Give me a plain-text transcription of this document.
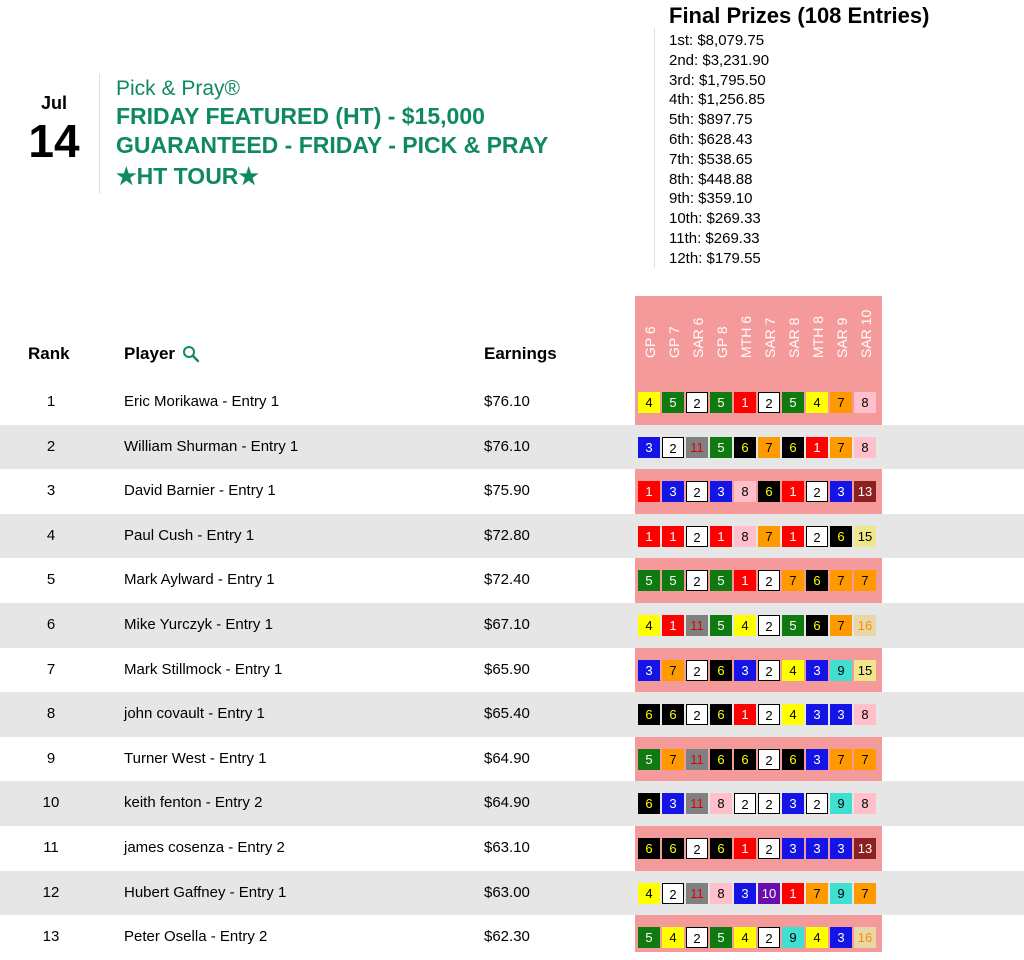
Jul
14
Pick & Pray®
FRIDAY FEATURED (HT) - $15,000
GUARANTEED - FRIDAY - PICK & PRAY
★HT TOUR★
Final Prizes (108 Entries)
1st: $8,079.75
2nd: $3,231.90
3rd: $1,795.50
4th: $1,256.85
5th: $897.75
6th: $628.43
7th: $538.65
8th: $448.88
9th: $359.10
10th: $269.33
11th: $269.33
12th: $179.55
GP 6 GP 7 SAR 6 GP 8 MTH 6 SAR 7 SAR 8 MTH 8 SAR 9 SAR 10
Rank	Player	Earnings
1	Eric Morikawa - Entry 1	$76.10	4	5	2	5	1	2	5	4	7	8
2	William Shurman - Entry 1	$76.10	3	2	11	5	6	7	6	1	7	8
3	David Barnier - Entry 1	$75.90	1	3	2	3	8	6	1	2	3	13
4	Paul Cush - Entry 1	$72.80	1	1	2	1	8	7	1	2	6	15
5	Mark Aylward - Entry 1	$72.40	5	5	2	5	1	2	7	6	7	7
6	Mike Yurczyk - Entry 1	$67.10	4	1	11	5	4	2	5	6	7	16
7	Mark Stillmock - Entry 1	$65.90	3	7	2	6	3	2	4	3	9	15
8	john covault - Entry 1	$65.40	6	6	2	6	1	2	4	3	3	8
9	Turner West - Entry 1	$64.90	5	7	11	6	6	2	6	3	7	7
10	keith fenton - Entry 2	$64.90	6	3	11	8	2	2	3	2	9	8
11	james cosenza - Entry 2	$63.10	6	6	2	6	1	2	3	3	3	13
12	Hubert Gaffney - Entry 1	$63.00	4	2	11	8	3	10	1	7	9	7
13	Peter Osella - Entry 2	$62.30	5	4	2	5	4	2	9	4	3	16
